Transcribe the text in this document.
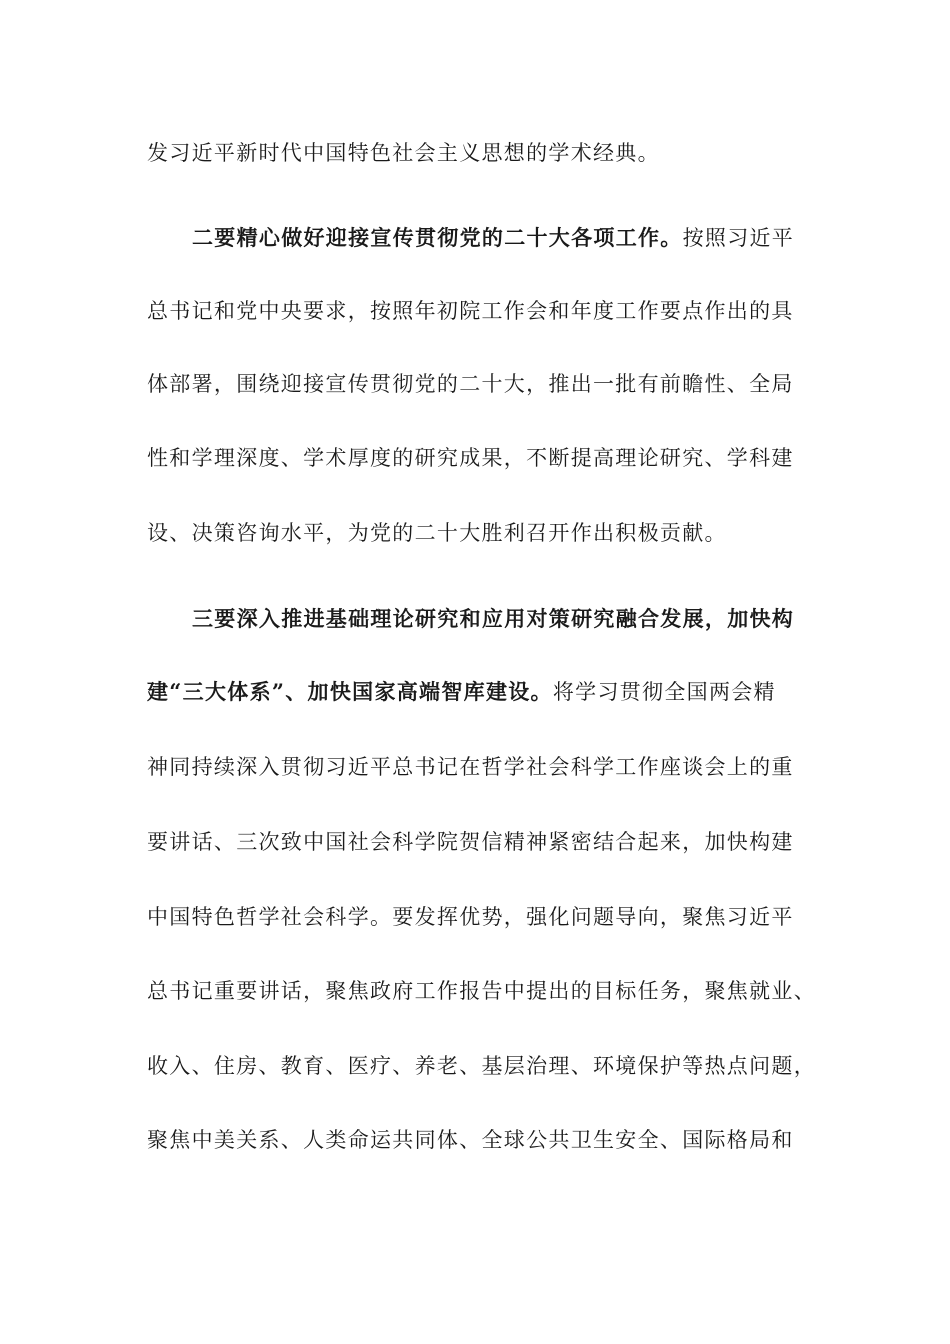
发习近平新时代中国特色社会主义思想的学术经典。
二要精心做好迎接宣传贯彻党的二十大各项工作。按照习近平
总书记和党中央要求，按照年初院工作会和年度工作要点作出的具
体部署，围绕迎接宣传贯彻党的二十大，推出一批有前瞻性、全局
性和学理深度、学术厚度的研究成果，不断提高理论研究、学科建
设、决策咨询水平，为党的二十大胜利召开作出积极贡献。
三要深入推进基础理论研究和应用对策研究融合发展，加快构
建“三大体系”、加快国家高端智库建设。将学习贯彻全国两会精
神同持续深入贯彻习近平总书记在哲学社会科学工作座谈会上的重
要讲话、三次致中国社会科学院贺信精神紧密结合起来，加快构建
中国特色哲学社会科学。要发挥优势，强化问题导向，聚焦习近平
总书记重要讲话，聚焦政府工作报告中提出的目标任务，聚焦就业、
收入、住房、教育、医疗、养老、基层治理、环境保护等热点问题，
聚焦中美关系、人类命运共同体、全球公共卫生安全、国际格局和
